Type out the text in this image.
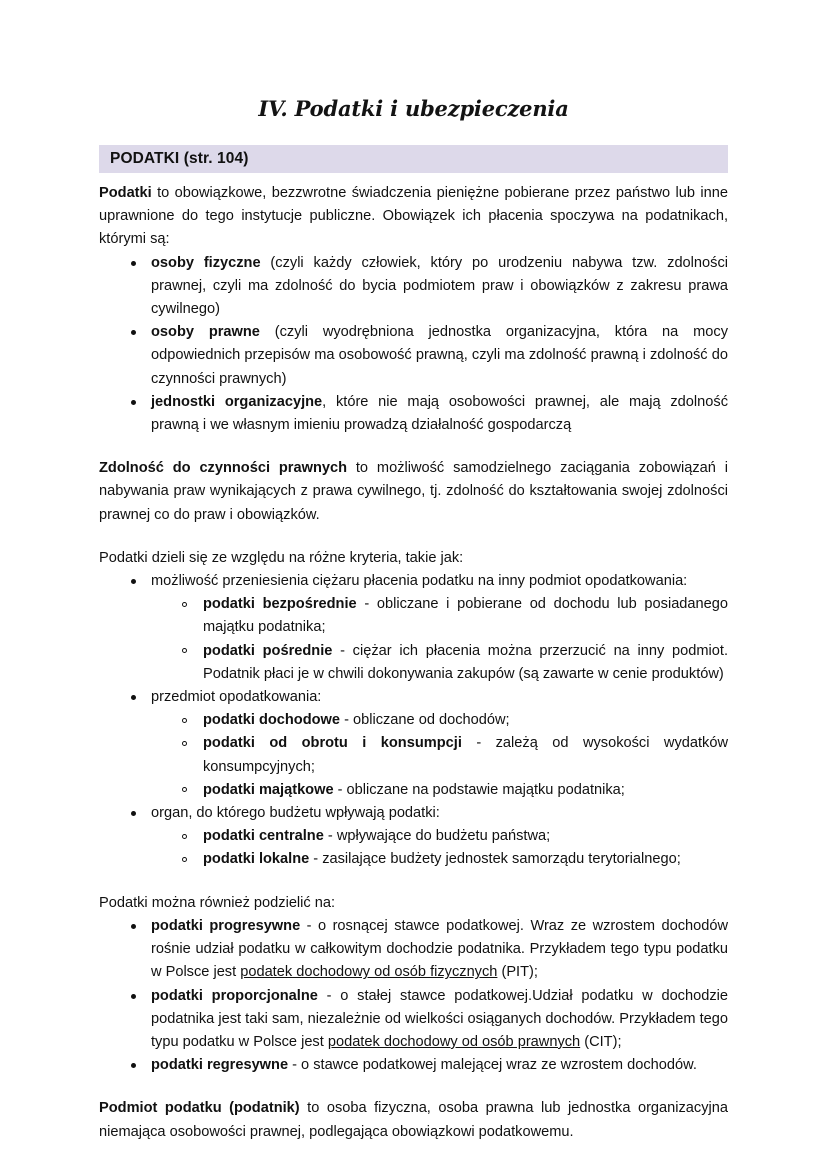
IV. Podatki i ubezpieczenia
PODATKI (str. 104)

Podatki to obowiązkowe, bezzwrotne świadczenia pieniężne pobierane przez państwo lub inne uprawnione do tego instytucje publiczne. Obowiązek ich płacenia spoczywa na podatnikach, którymi są:

osoby fizyczne (czyli każdy człowiek, który po urodzeniu nabywa tzw. zdolności prawnej, czyli ma zdolność do bycia podmiotem praw i obowiązków z zakresu prawa cywilnego)
osoby prawne (czyli wyodrębniona jednostka organizacyjna, która na mocy odpowiednich przepisów ma osobowość prawną, czyli ma zdolność prawną i zdolność do czynności prawnych)
jednostki organizacyjne, które nie mają osobowości prawnej, ale mają zdolność prawną i we własnym imieniu prowadzą działalność gospodarczą

Zdolność do czynności prawnych to możliwość samodzielnego zaciągania zobowiązań i nabywania praw wynikających z prawa cywilnego, tj. zdolność do kształtowania swojej zdolności prawnej co do praw i obowiązków.

Podatki dzieli się ze względu na różne kryteria, takie jak:

możliwość przeniesienia ciężaru płacenia podatku na inny podmiot opodatkowania:
podatki bezpośrednie - obliczane i pobierane od dochodu lub posiadanego majątku podatnika;
podatki pośrednie - ciężar ich płacenia można przerzucić na inny podmiot. Podatnik płaci je w chwili dokonywania zakupów (są zawarte w cenie produktów)
przedmiot opodatkowania:
podatki dochodowe - obliczane od dochodów;
podatki od obrotu i konsumpcji - zależą od wysokości wydatków konsumpcyjnych;
podatki majątkowe - obliczane na podstawie majątku podatnika;
organ, do którego budżetu wpływają podatki:
podatki centralne - wpływające do budżetu państwa;
podatki lokalne - zasilające budżety jednostek samorządu terytorialnego;

Podatki można również podzielić na:

podatki progresywne - o rosnącej stawce podatkowej. Wraz ze wzrostem dochodów rośnie udział podatku w całkowitym dochodzie podatnika. Przykładem tego typu podatku w Polsce jest podatek dochodowy od osób fizycznych (PIT);
podatki proporcjonalne - o stałej stawce podatkowej.Udział podatku w dochodzie podatnika jest taki sam, niezależnie od wielkości osiąganych dochodów. Przykładem tego typu podatku w Polsce jest podatek dochodowy od osób prawnych (CIT);
podatki regresywne - o stawce podatkowej malejącej wraz ze wzrostem dochodów.

Podmiot podatku (podatnik) to osoba fizyczna, osoba prawna lub jednostka organizacyjna niemająca osobowości prawnej, podlegająca obowiązkowi podatkowemu.
